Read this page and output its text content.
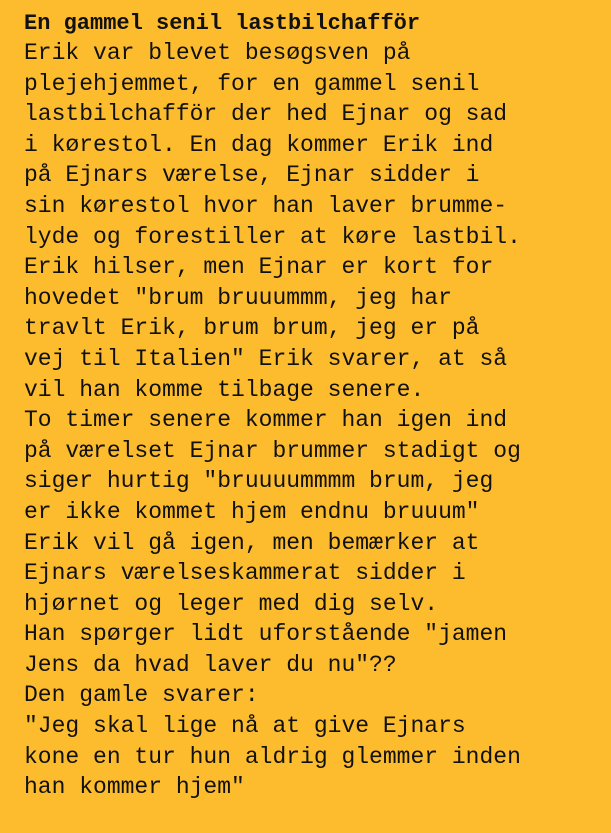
En gammel senil lastbilchafför
Erik var blevet besøgsven på
plejehjemmet, for en gammel senil
lastbilchafför der hed Ejnar og sad
i kørestol. En dag kommer Erik ind
på Ejnars værelse, Ejnar sidder i
sin kørestol hvor han laver brumme-
lyde og forestiller at køre lastbil.
Erik hilser, men Ejnar er kort for
hovedet "brum bruuummm, jeg har
travlt Erik, brum brum, jeg er på
vej til Italien" Erik svarer, at så
vil han komme tilbage senere.
To timer senere kommer han igen ind
på værelset Ejnar brummer stadigt og
siger hurtig "bruuuummmm brum, jeg
er ikke kommet hjem endnu bruuum"
Erik vil gå igen, men bemærker at
Ejnars værelseskammerat sidder i
hjørnet og leger med dig selv.
Han spørger lidt uforstående "jamen
Jens da hvad laver du nu"??
Den gamle svarer:
"Jeg skal lige nå at give Ejnars
kone en tur hun aldrig glemmer inden
han kommer hjem"
